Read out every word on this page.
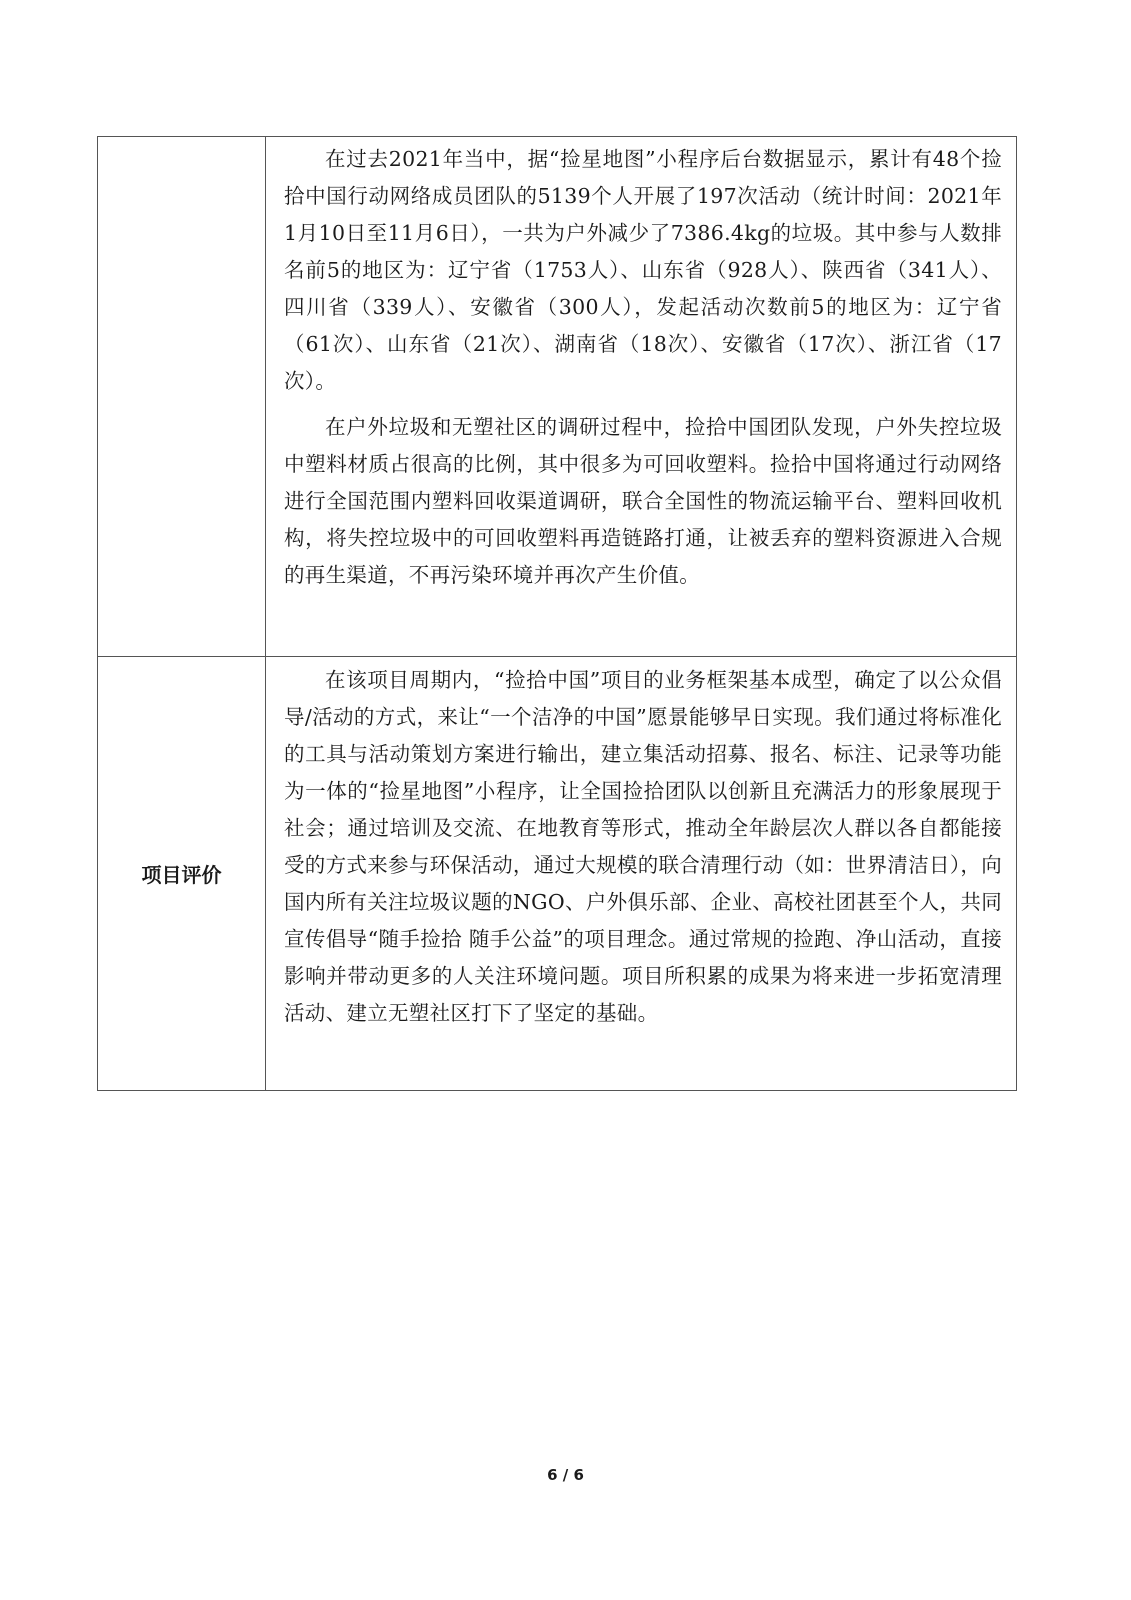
	在过去2021年当中，据“捡星地图”小程序后台数据显示，累计有48个捡拾中国行动网络成员团队的5139个人开展了197次活动（统计时间：2021年1月10日至11月6日），一共为户外减少了7386.4kg的垃圾。其中参与人数排名前5的地区为：辽宁省（1753人）、山东省（928人）、陕西省（341人）、四川省（339人）、安徽省（300人），发起活动次数前5的地区为：辽宁省（61次）、山东省（21次）、湖南省（18次）、安徽省（17次）、浙江省（17次）。

在户外垃圾和无塑社区的调研过程中，捡拾中国团队发现，户外失控垃圾中塑料材质占很高的比例，其中很多为可回收塑料。捡拾中国将通过行动网络进行全国范围内塑料回收渠道调研，联合全国性的物流运输平台、塑料回收机构，将失控垃圾中的可回收塑料再造链路打通，让被丢弃的塑料资源进入合规的再生渠道，不再污染环境并再次产生价值。

项目评价	在该项目周期内，“捡拾中国”项目的业务框架基本成型，确定了以公众倡导/活动的方式，来让“一个洁净的中国”愿景能够早日实现。我们通过将标准化的工具与活动策划方案进行输出，建立集活动招募、报名、标注、记录等功能为一体的“捡星地图”小程序，让全国捡拾团队以创新且充满活力的形象展现于社会；通过培训及交流、在地教育等形式，推动全年龄层次人群以各自都能接受的方式来参与环保活动，通过大规模的联合清理行动（如：世界清洁日），向国内所有关注垃圾议题的NGO、户外俱乐部、企业、高校社团甚至个人，共同宣传倡导“随手捡拾 随手公益”的项目理念。通过常规的捡跑、净山活动，直接影响并带动更多的人关注环境问题。项目所积累的成果为将来进一步拓宽清理活动、建立无塑社区打下了坚定的基础。

6 / 6
